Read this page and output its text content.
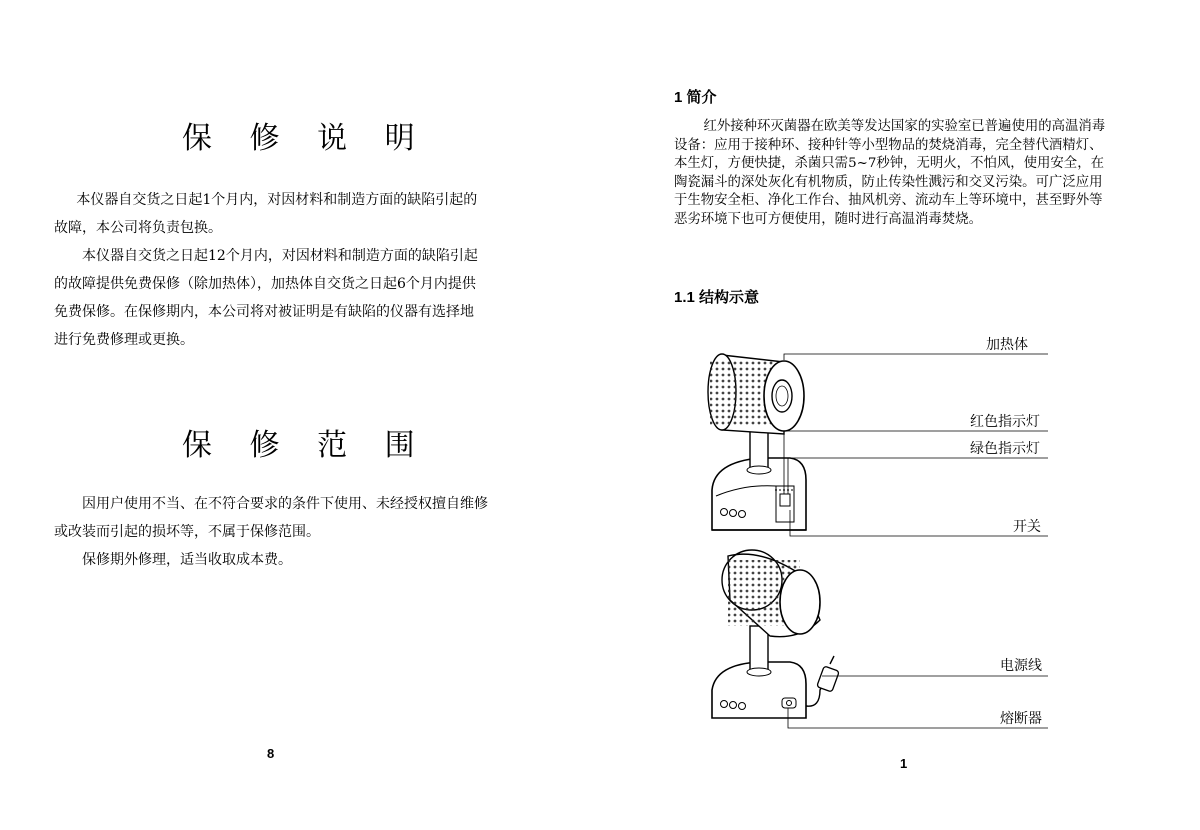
保 修 说 明

本仪器自交货之日起1个月内，对因材料和制造方面的缺陷引起的故障，本公司将负责包换。

本仪器自交货之日起12个月内，对因材料和制造方面的缺陷引起的故障提供免费保修（除加热体），加热体自交货之日起6个月内提供免费保修。在保修期内，本公司将对被证明是有缺陷的仪器有选择地进行免费修理或更换。

保 修 范 围

因用户使用不当、在不符合要求的条件下使用、未经授权擅自维修或改装而引起的损坏等，不属于保修范围。

保修期外修理，适当收取成本费。

8
1 简介

红外接种环灭菌器在欧美等发达国家的实验室已普遍使用的高温消毒设备：应用于接种环、接种针等小型物品的焚烧消毒，完全替代酒精灯、本生灯，方便快捷，杀菌只需5~7秒钟，无明火，不怕风，使用安全，在陶瓷漏斗的深处灰化有机物质，防止传染性溅污和交叉污染。可广泛应用于生物安全柜、净化工作台、抽风机旁、流动车上等环境中，甚至野外等恶劣环境下也可方便使用，随时进行高温消毒焚烧。

1.1 结构示意
加热体
红色指示灯
绿色指示灯
开关
电源线
熔断器
1
